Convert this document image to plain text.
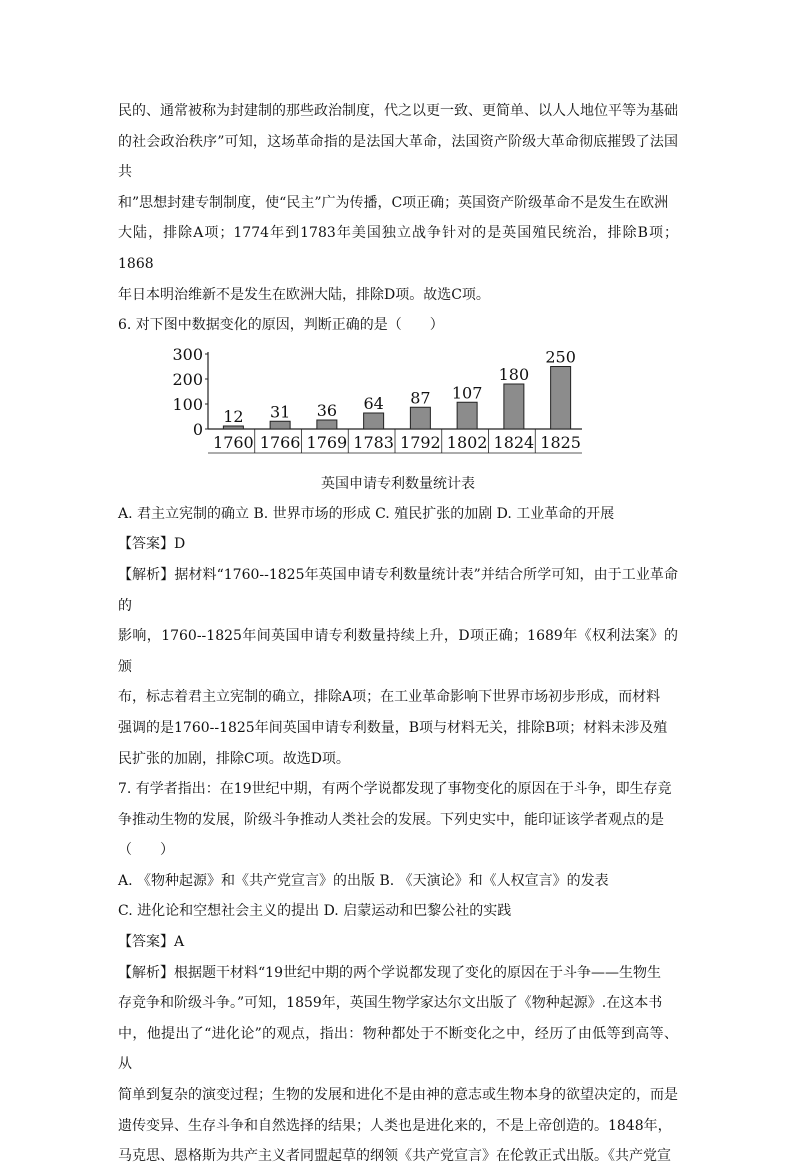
民的、通常被称为封建制的那些政治制度，代之以更一致、更简单、以人人地位平等为基础

的社会政治秩序”可知，这场革命指的是法国大革命，法国资产阶级大革命彻底摧毁了法国共

和”思想封建专制制度，使“民主”广为传播，C项正确；英国资产阶级革命不是发生在欧洲

大陆，排除A项；1774年到1783年美国独立战争针对的是英国殖民统治，排除B项；1868

年日本明治维新不是发生在欧洲大陆，排除D项。故选C项。

6. 对下图中数据变化的原因，判断正确的是（　　）

0
100
200
300
12
1760
31
1766
36
1769
64
1783
87
1792
107
1802
180
1824
250
1825
英国申请专利数量统计表

A. 君主立宪制的确立 B. 世界市场的形成 C. 殖民扩张的加剧 D. 工业革命的开展

【答案】D

【解析】据材料“1760--1825年英国申请专利数量统计表”并结合所学可知，由于工业革命的

影响，1760--1825年间英国申请专利数量持续上升，D项正确；1689年《权利法案》的颁

布，标志着君主立宪制的确立，排除A项；在工业革命影响下世界市场初步形成，而材料

强调的是1760--1825年间英国申请专利数量，B项与材料无关，排除B项；材料未涉及殖

民扩张的加剧，排除C项。故选D项。

7. 有学者指出：在19世纪中期，有两个学说都发现了事物变化的原因在于斗争，即生存竞

争推动生物的发展，阶级斗争推动人类社会的发展。下列史实中，能印证该学者观点的是

（　　）

A. 《物种起源》和《共产党宣言》的出版 B. 《天演论》和《人权宣言》的发表

C. 进化论和空想社会主义的提出 D. 启蒙运动和巴黎公社的实践

【答案】A

【解析】根据题干材料“19世纪中期的两个学说都发现了变化的原因在于斗争——生物生

存竞争和阶级斗争。”可知，1859年，英国生物学家达尔文出版了《物种起源》.在这本书

中，他提出了“进化论”的观点，指出：物种都处于不断变化之中，经历了由低等到高等、从

简单到复杂的演变过程；生物的发展和进化不是由神的意志或生物本身的欲望决定的，而是

遗传变异、生存斗争和自然选择的结果；人类也是进化来的，不是上帝创造的。1848年，

马克思、恩格斯为共产主义者同盟起草的纲领《共产党宣言》在伦敦正式出版。《共产党宣
